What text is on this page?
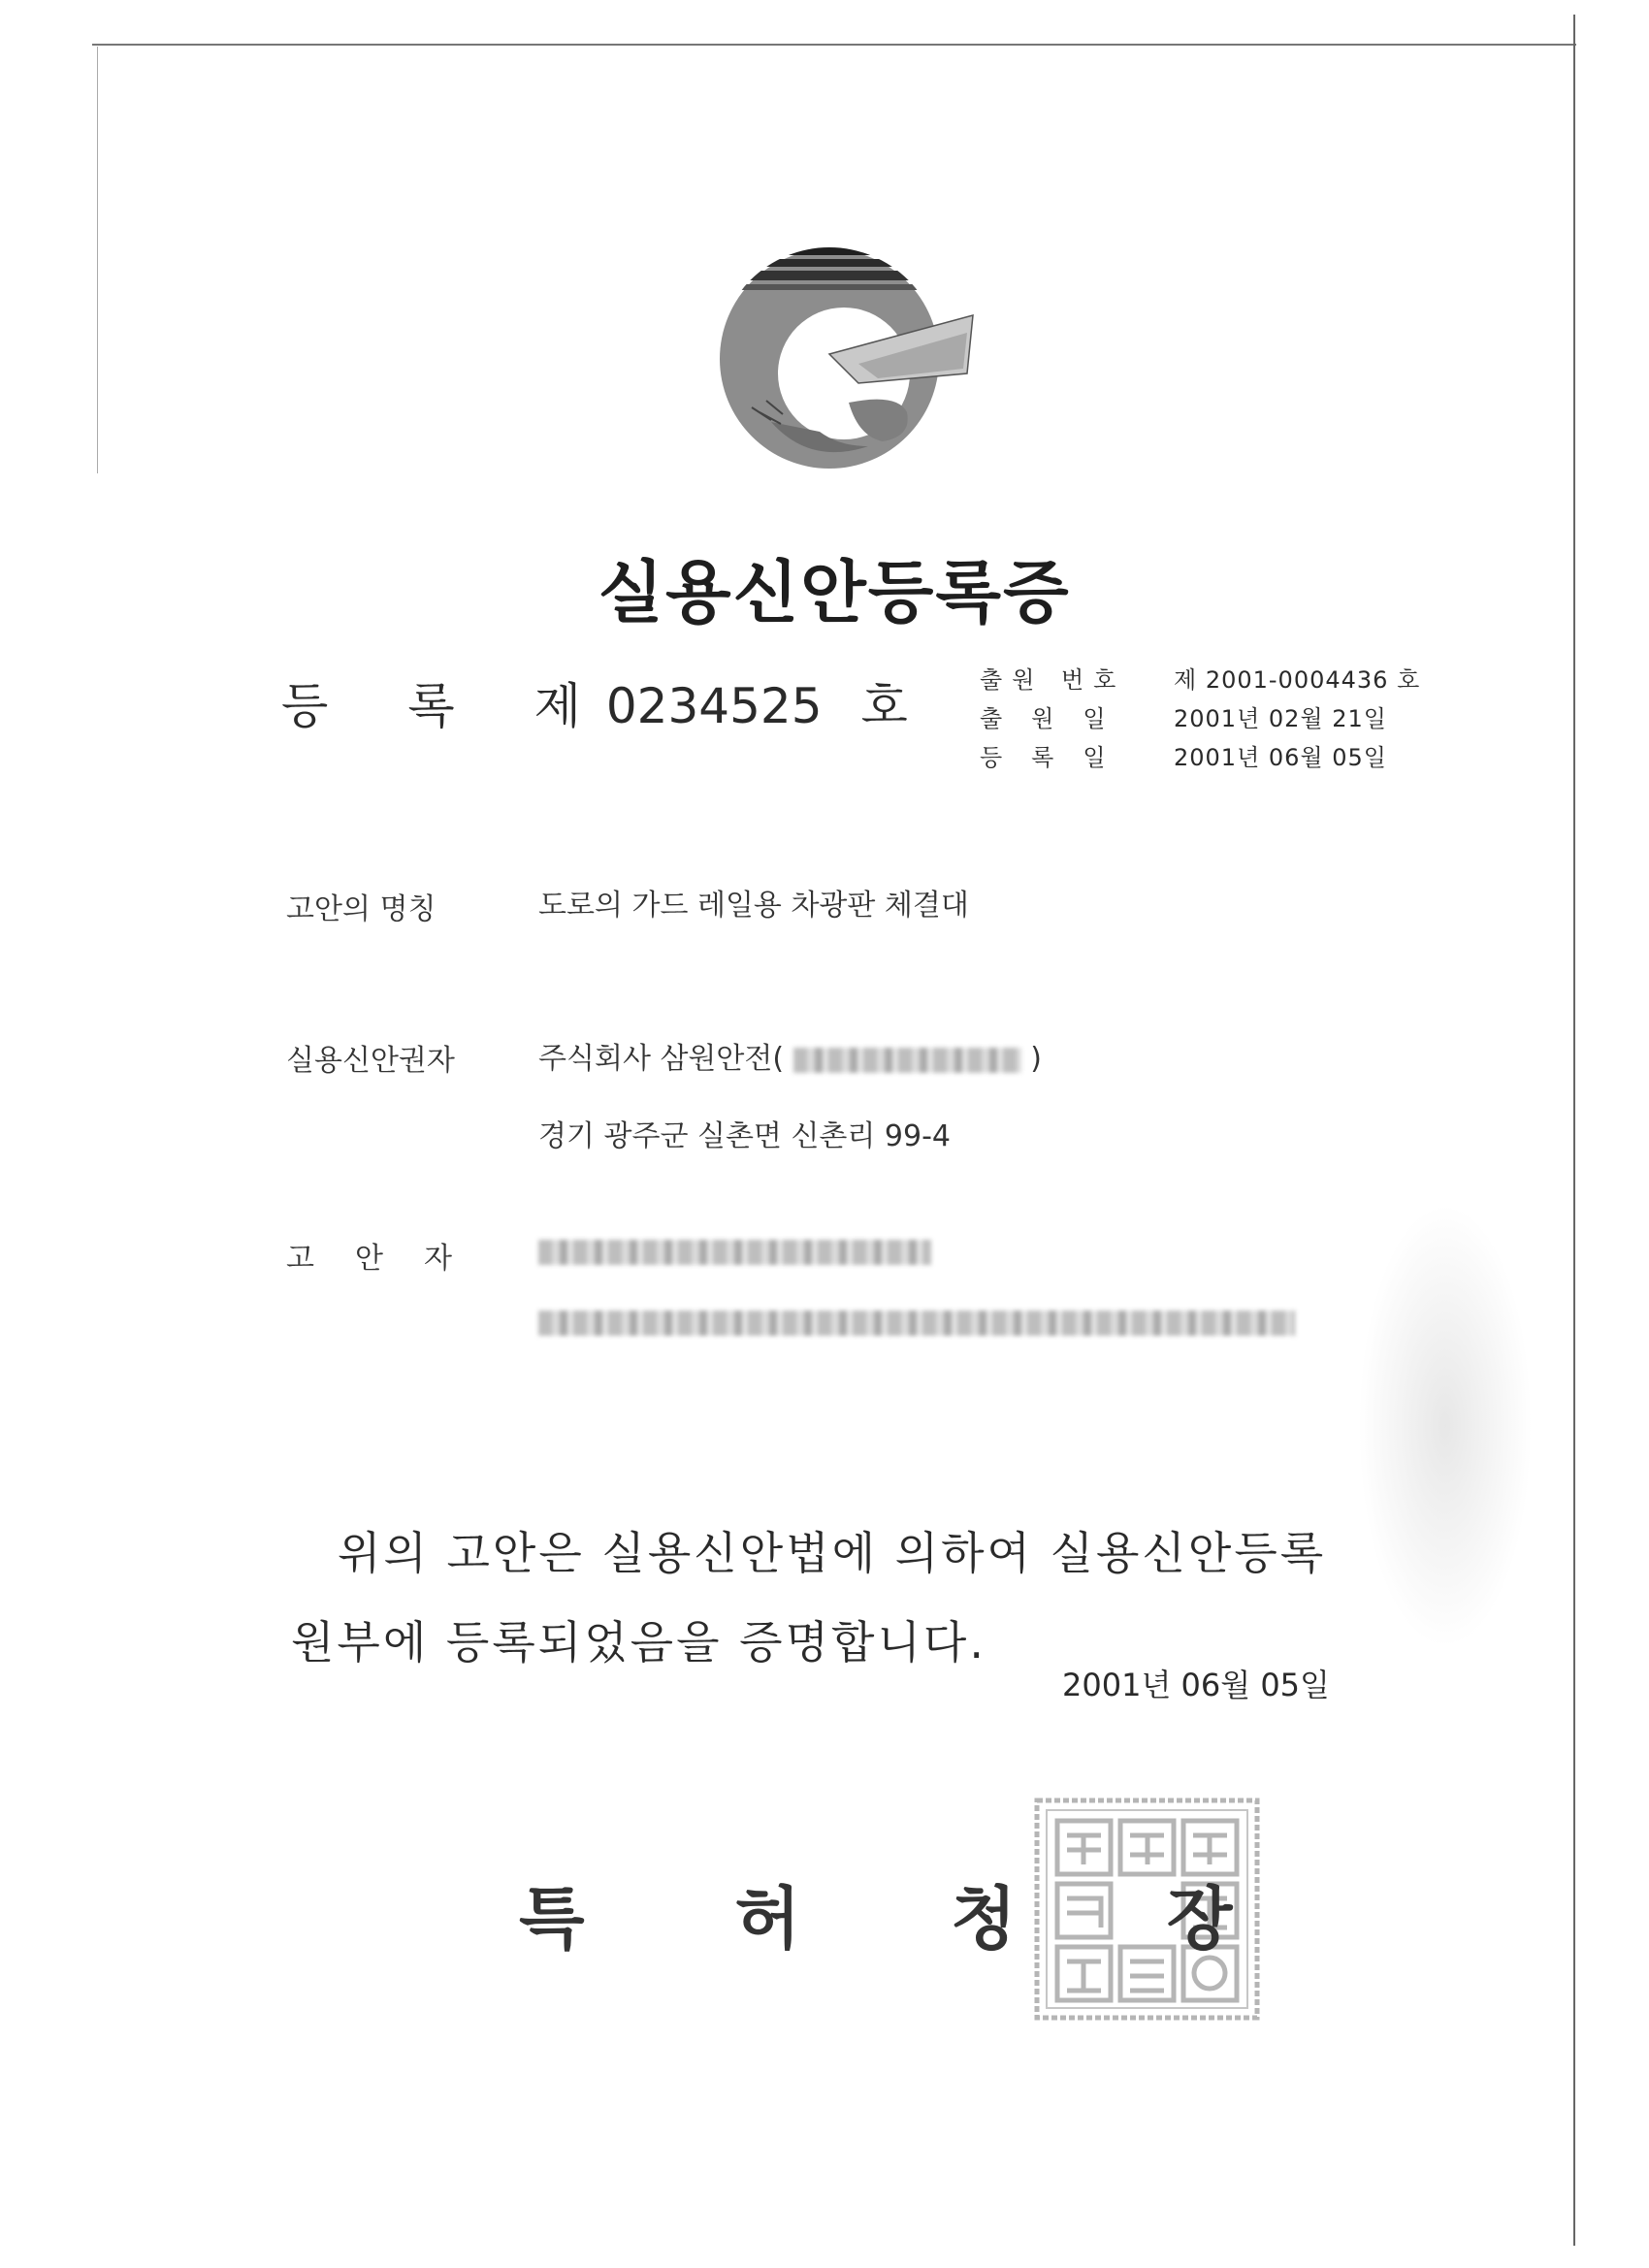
실용신안등록증
등 록 제 0234525 호	출원 번호	제 2001-0004436 호
출원일	2001년 02월 21일
등록일	2001년 06월 05일
고안의 명칭	도로의 가드 레일용 차광판 체결대
실용신안권자	주식회사 삼원안전(	)
경기 광주군 실촌면 신촌리 99-4
고안자
위의 고안은 실용신안법에 의하여 실용신안등록
원부에 등록되었음을 증명합니다.
2001년 06월 05일
특 허 청 장
